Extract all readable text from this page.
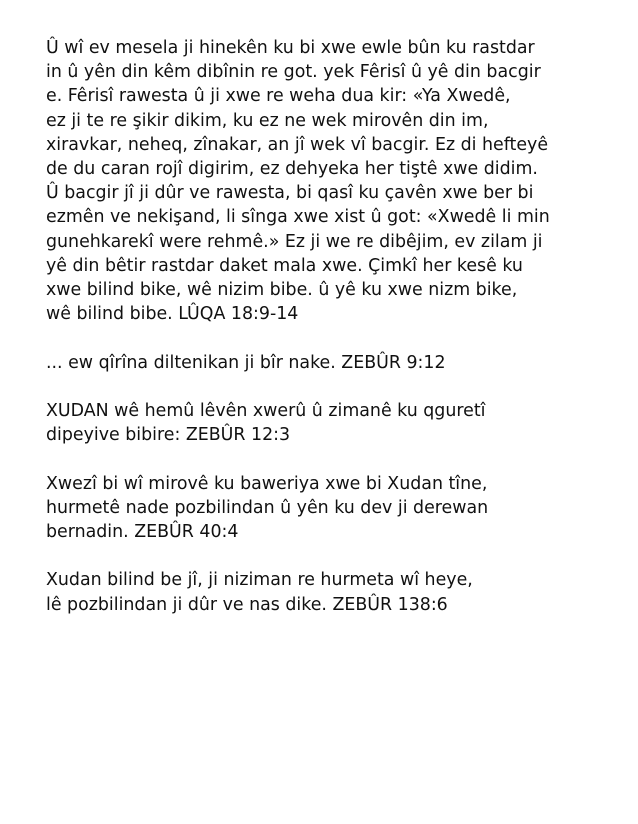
Û wî ev mesela ji hinekên ku bi xwe ewle bûn ku rastdar
in û yên din kêm dibînin re got. yek Fêrisî û yê din bacgir
e. Fêrisî rawesta û ji xwe re weha dua kir: «Ya Xwedê,
ez ji te re şikir dikim, ku ez ne wek mirovên din im,
xiravkar, neheq, zînakar, an jî wek vî bacgir. Ez di hefteyê
de du caran rojî digirim, ez dehyeka her tiştê xwe didim.
Û bacgir jî ji dûr ve rawesta, bi qasî ku çavên xwe ber bi
ezmên ve nekişand, li sînga xwe xist û got: «Xwedê li min
gunehkarekî were rehmê.» Ez ji we re dibêjim, ev zilam ji
yê din bêtir rastdar daket mala xwe. Çimkî her kesê ku
xwe bilind bike, wê nizim bibe. û yê ku xwe nizm bike,
wê bilind bibe. LÛQA 18:9-14
... ew qîrîna diltenikan ji bîr nake. ZEBÛR 9:12
XUDAN wê hemû lêvên xwerû û zimanê ku qguretî
dipeyive bibire: ZEBÛR 12:3
Xwezî bi wî mirovê ku baweriya xwe bi Xudan tîne,
hurmetê nade pozbilindan û yên ku dev ji derewan
bernadin. ZEBÛR 40:4
Xudan bilind be jî, ji niziman re hurmeta wî heye,
lê pozbilindan ji dûr ve nas dike. ZEBÛR 138:6
